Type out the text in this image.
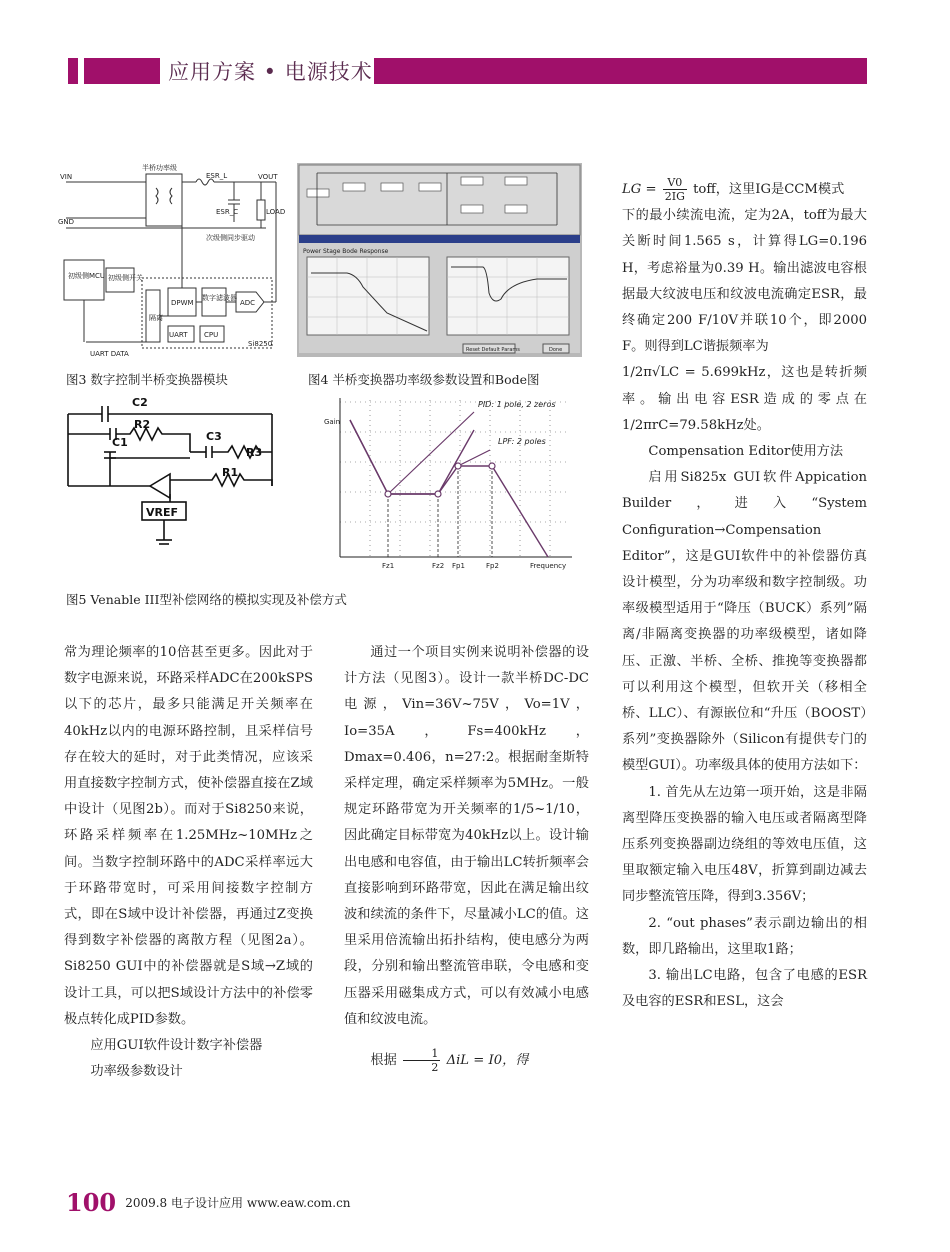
应用方案 • 电源技术
VIN	VOUT
GND
半桥功率级
ESR_L
ESR_C	LOAD
次级侧同步驱动
初级侧MCU 初级侧开关
DPWM
数字滤波器
ADC
UART CPU
Si8250
隔离
UART DATA
图3 数字控制半桥变换器模块
Power Stage Bode Response
Reset Default Params	Done
图4 半桥变换器功率级参数设置和Bode图
C2
R2
C1	C3
R3
R1
VREF
Gain
PID: 1 pole, 2 zeros
LPF: 2 poles
Fz1	Fz2 Fp1	Fp2	Frequency
图5 Venable III型补偿网络的模拟实现及补偿方式

常为理论频率的10倍甚至更多。因此对于数字电源来说，环路采样ADC在200kSPS以下的芯片，最多只能满足开关频率在40kHz以内的电源环路控制，且采样信号存在较大的延时，对于此类情况，应该采用直接数字控制方式，使补偿器直接在Z域中设计（见图2b）。而对于Si8250来说，环路采样频率在1.25MHz~10MHz之间。当数字控制环路中的ADC采样率远大于环路带宽时，可采用间接数字控制方式，即在S域中设计补偿器，再通过Z变换得到数字补偿器的离散方程（见图2a）。Si8250 GUI中的补偿器就是S域→Z域的设计工具，可以把S域设计方法中的补偿零极点转化成PID参数。

应用GUI软件设计数字补偿器

功率级参数设计

通过一个项目实例来说明补偿器的设计方法（见图3）。设计一款半桥DC-DC电源，Vin=36V~75V，Vo=1V，Io=35A，Fs=400kHz，Dmax=0.406，n=27:2。根据耐奎斯特采样定理，确定采样频率为5MHz。一般规定环路带宽为开关频率的1/5~1/10，因此确定目标带宽为40kHz以上。设计输出电感和电容值，由于输出LC转折频率会直接影响到环路带宽，因此在满足输出纹波和续流的条件下，尽量减小LC的值。这里采用倍流输出拓扑结构，使电感分为两段，分别和输出整流管串联，令电感和变压器采用磁集成方式，可以有效减小电感值和纹波电流。

根据 $\frac{1}{2}$ ΔiL = I0，得

LG = $\frac{V0}{2IG}$ toff，这里IG是CCM模式

下的最小续流电流，定为2A，toff为最大关断时间1.565 s，计算得LG=0.196 H，考虑裕量为0.39 H。输出滤波电容根据最大纹波电压和纹波电流确定ESR，最终确定200 F/10V并联10个，即2000 F。则得到LC谐振频率为

1/2π√LC = 5.699kHz，这也是转折频率。输出电容ESR造成的零点在1/2πrC=79.58kHz处。

Compensation Editor使用方法

启用Si825x GUI软件Appication Builder，进入“System Configuration→Compensation Editor”，这是GUI软件中的补偿器仿真设计模型，分为功率级和数字控制级。功率级模型适用于“降压（BUCK）系列”隔离/非隔离变换器的功率级模型，诸如降压、正激、半桥、全桥、推挽等变换器都可以利用这个模型，但软开关（移相全桥、LLC）、有源嵌位和“升压（BOOST）系列”变换器除外（Silicon有提供专门的模型GUI）。功率级具体的使用方法如下：

1. 首先从左边第一项开始，这是非隔离型降压变换器的输入电压或者隔离型降压系列变换器副边绕组的等效电压值，这里取额定输入电压48V，折算到副边减去同步整流管压降，得到3.356V；

2. “out phases”表示副边输出的相数，即几路输出，这里取1路；

3. 输出LC电路，包含了电感的ESR及电容的ESR和ESL，这会

100 2009.8 电子设计应用 www.eaw.com.cn
